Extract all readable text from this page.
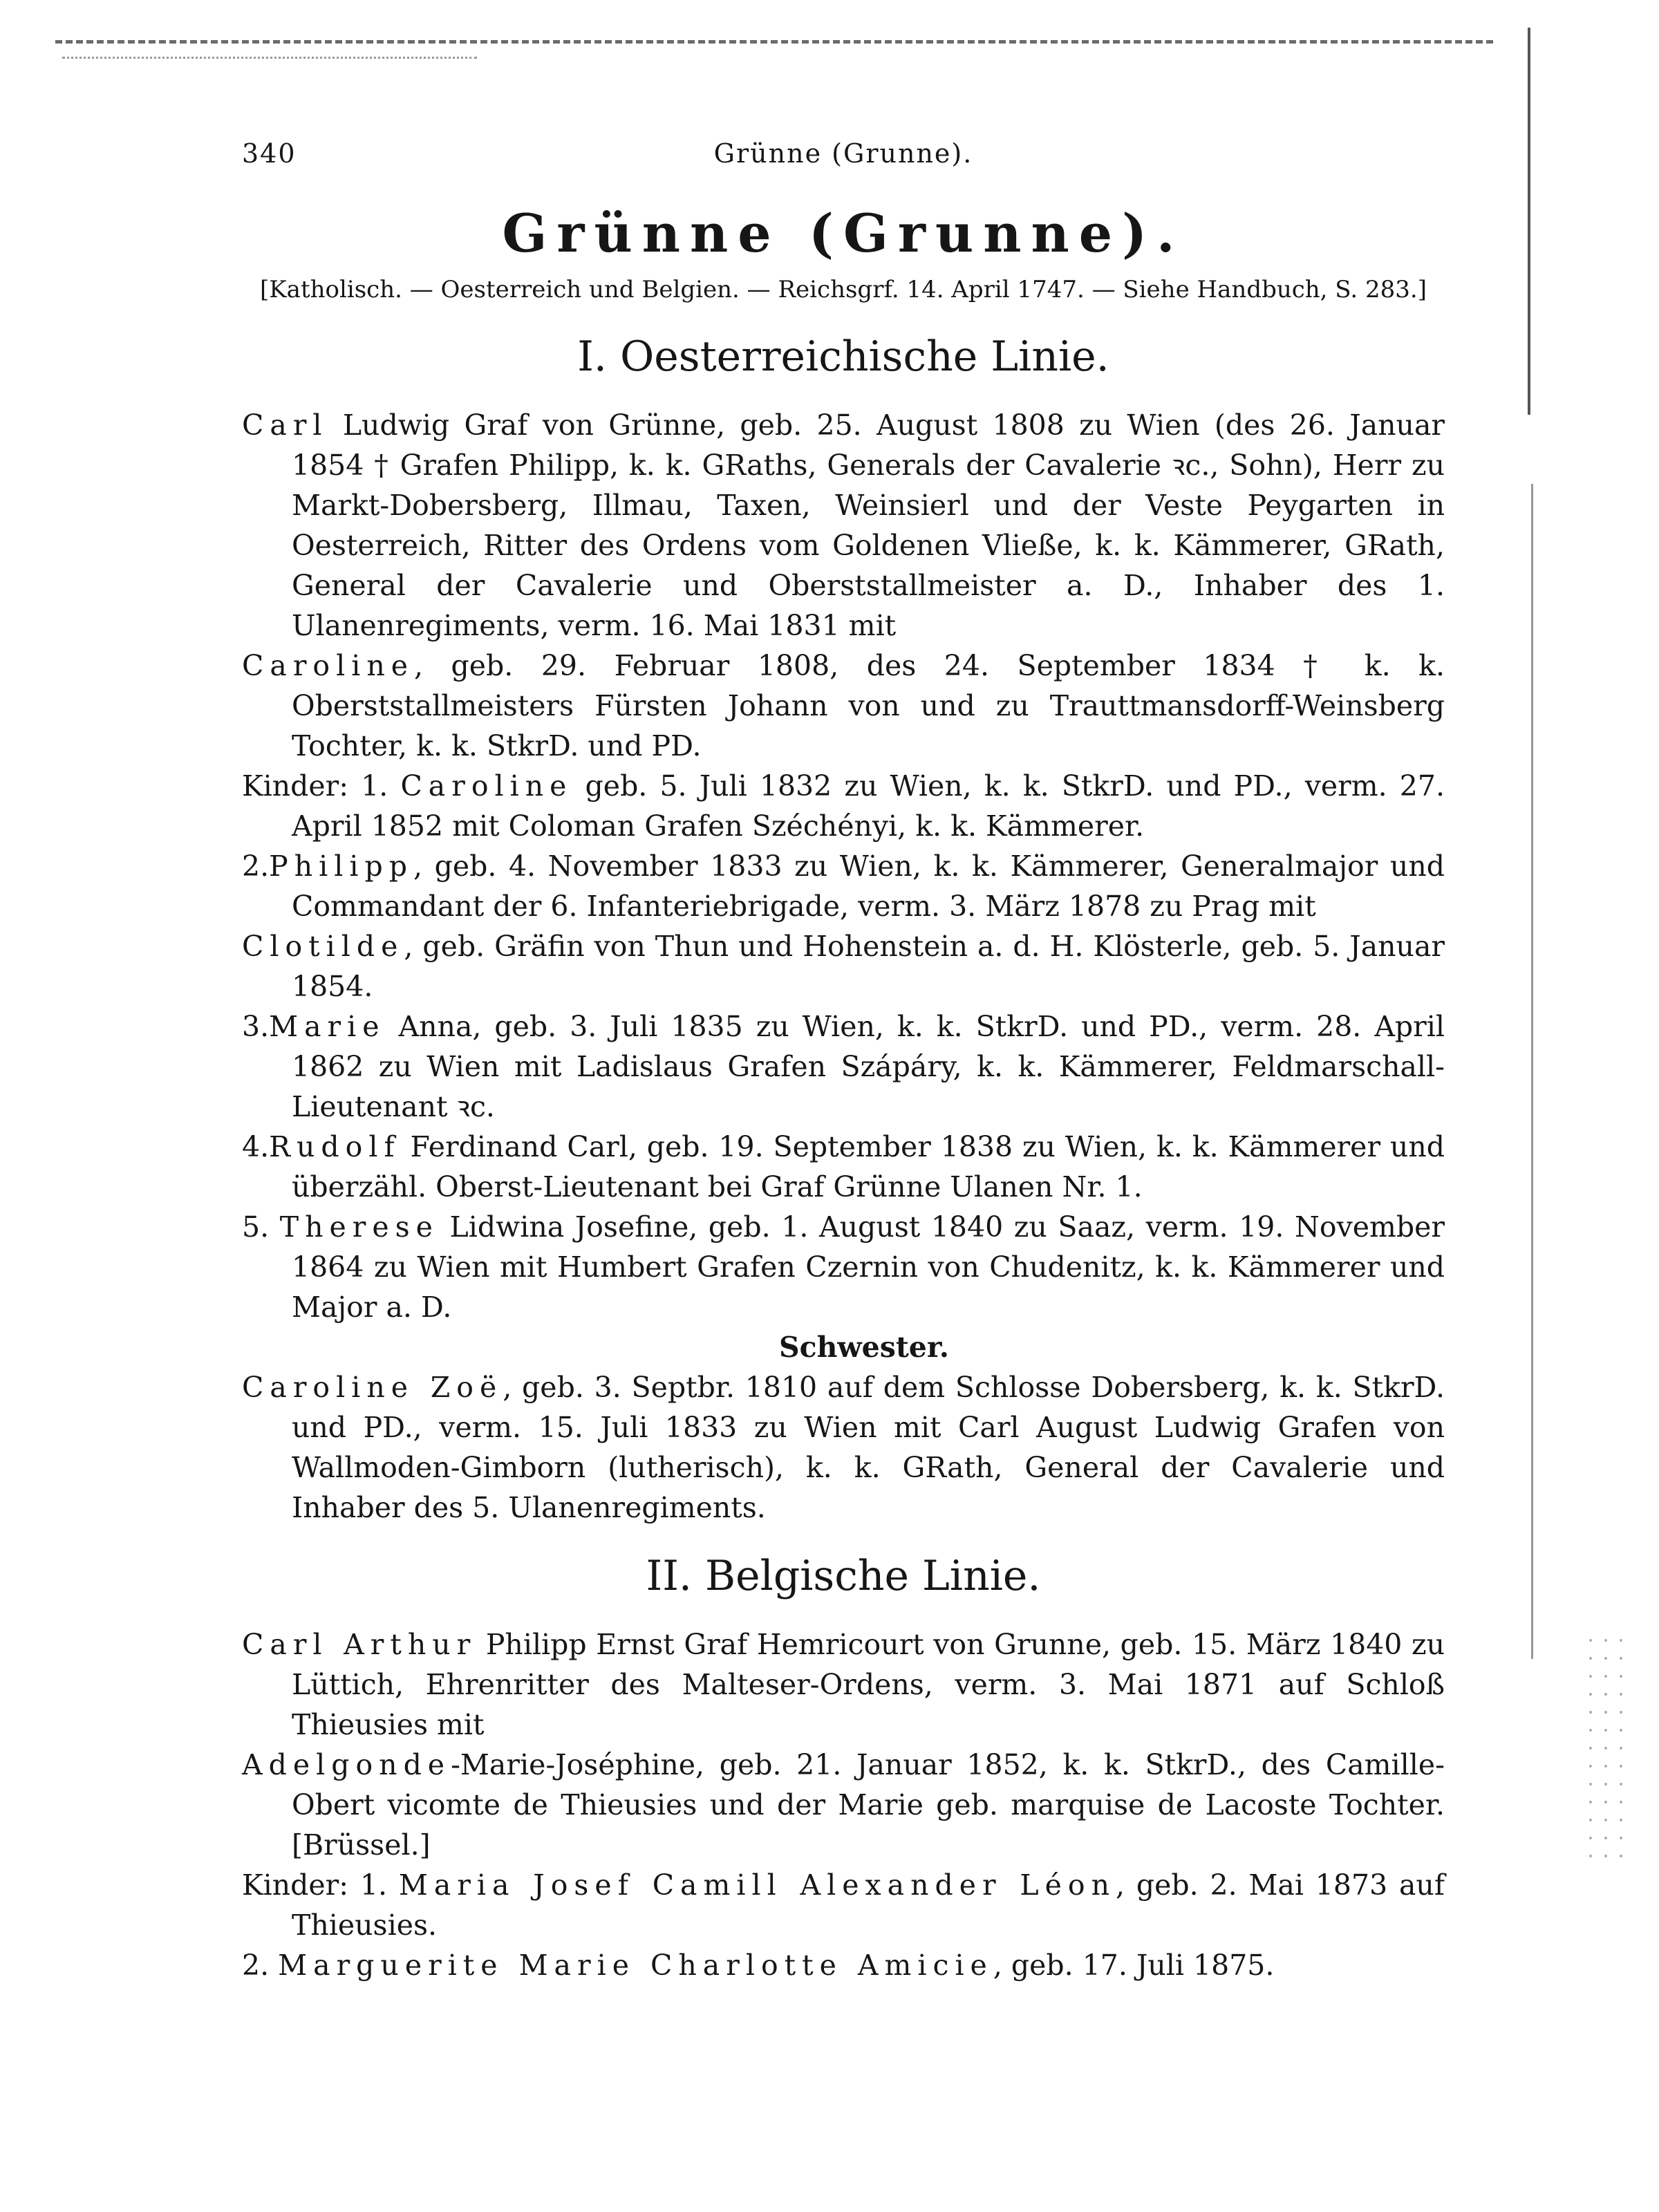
340	Grünne (Grunne).
Grünne (Grunne).
[Katholisch. — Oesterreich und Belgien. — Reichsgrf. 14. April 1747. — Siehe Handbuch, S. 283.]
I. Oesterreichische Linie.

Carl Ludwig Graf von Grünne, geb. 25. August 1808 zu Wien (des 26. Januar 1854 † Grafen Philipp, k. k. GRaths, Generals der Cavalerie ꝛc., Sohn), Herr zu Markt-Dobersberg, Illmau, Taxen, Weinsierl und der Veste Peygarten in Oesterreich, Ritter des Ordens vom Goldenen Vließe, k. k. Kämmerer, GRath, General der Cavalerie und Oberststallmeister a. D., Inhaber des 1. Ulanenregiments, verm. 16. Mai 1831 mit

Caroline, geb. 29. Februar 1808, des 24. September 1834 † k. k. Oberststallmeisters Fürsten Johann von und zu Trauttmansdorff-Weinsberg Tochter, k. k. StkrD. und PD.

Kinder: 1. Caroline geb. 5. Juli 1832 zu Wien, k. k. StkrD. und PD., verm. 27. April 1852 mit Coloman Grafen Széchényi, k. k. Kämmerer.

2.Philipp, geb. 4. November 1833 zu Wien, k. k. Kämmerer, Generalmajor und Commandant der 6. Infanteriebrigade, verm. 3. März 1878 zu Prag mit

Clotilde, geb. Gräfin von Thun und Hohenstein a. d. H. Klösterle, geb. 5. Januar 1854.

3.Marie Anna, geb. 3. Juli 1835 zu Wien, k. k. StkrD. und PD., verm. 28. April 1862 zu Wien mit Ladislaus Grafen Szápáry, k. k. Kämmerer, Feldmarschall-Lieutenant ꝛc.

4.Rudolf Ferdinand Carl, geb. 19. September 1838 zu Wien, k. k. Kämmerer und überzähl. Oberst-Lieutenant bei Graf Grünne Ulanen Nr. 1.

5. Therese Lidwina Josefine, geb. 1. August 1840 zu Saaz, verm. 19. November 1864 zu Wien mit Humbert Grafen Czernin von Chudenitz, k. k. Kämmerer und Major a. D.

Schwester.

Caroline Zoë, geb. 3. Septbr. 1810 auf dem Schlosse Dobersberg, k. k. StkrD. und PD., verm. 15. Juli 1833 zu Wien mit Carl August Ludwig Grafen von Wallmoden-Gimborn (lutherisch), k. k. GRath, General der Cavalerie und Inhaber des 5. Ulanenregiments.

II. Belgische Linie.

Carl Arthur Philipp Ernst Graf Hemricourt von Grunne, geb. 15. März 1840 zu Lüttich, Ehrenritter des Malteser-Ordens, verm. 3. Mai 1871 auf Schloß Thieusies mit

Adelgonde-Marie-Joséphine, geb. 21. Januar 1852, k. k. StkrD., des Camille-Obert vicomte de Thieusies und der Marie geb. marquise de Lacoste Tochter. [Brüssel.]

Kinder: 1. Maria Josef Camill Alexander Léon, geb. 2. Mai 1873 auf Thieusies.

2. Marguerite Marie Charlotte Amicie, geb. 17. Juli 1875.
